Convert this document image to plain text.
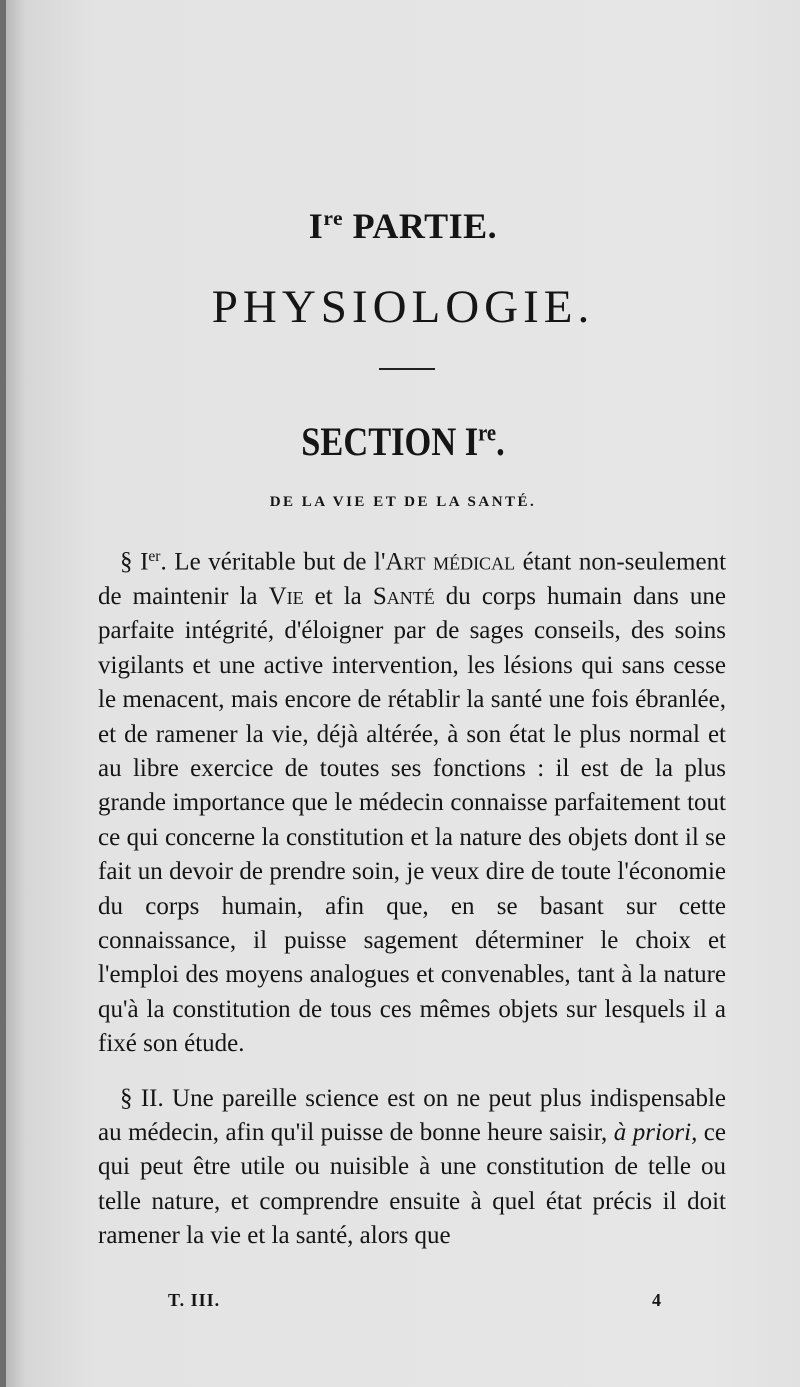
Ire PARTIE.
PHYSIOLOGIE.
SECTION Ire.
DE LA VIE ET DE LA SANTÉ.

§ Ier. Le véritable but de l'Art médical étant non-seulement de maintenir la Vie et la Santé du corps humain dans une parfaite intégrité, d'éloigner par de sages conseils, des soins vigilants et une active intervention, les lésions qui sans cesse le menacent, mais encore de rétablir la santé une fois ébranlée, et de ramener la vie, déjà altérée, à son état le plus normal et au libre exercice de toutes ses fonctions : il est de la plus grande importance que le médecin connaisse parfaitement tout ce qui concerne la constitution et la nature des objets dont il se fait un devoir de prendre soin, je veux dire de toute l'économie du corps humain, afin que, en se basant sur cette connaissance, il puisse sagement déterminer le choix et l'emploi des moyens analogues et convenables, tant à la nature qu'à la constitution de tous ces mêmes objets sur lesquels il a fixé son étude.

§ II. Une pareille science est on ne peut plus indispensable au médecin, afin qu'il puisse de bonne heure saisir, à priori, ce qui peut être utile ou nuisible à une constitution de telle ou telle nature, et comprendre ensuite à quel état précis il doit ramener la vie et la santé, alors que

T. III.	4
